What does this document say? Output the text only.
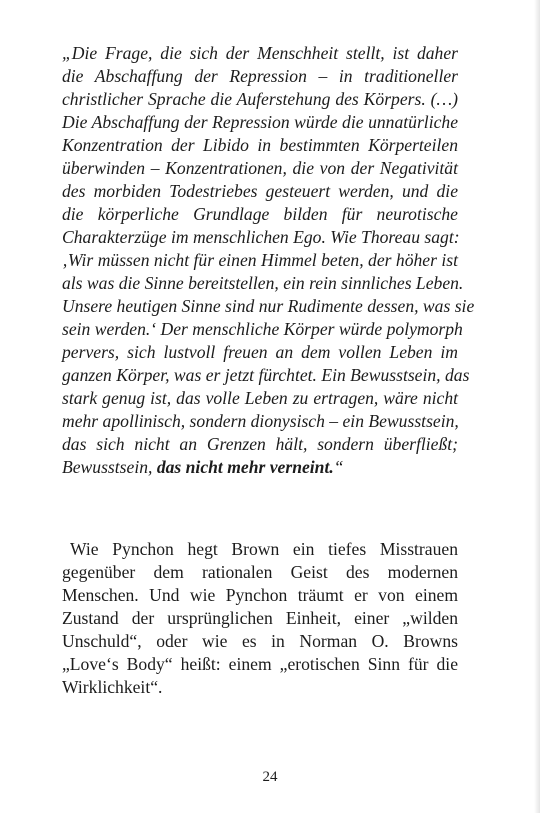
„Die Frage, die sich der Menschheit stellt, ist daher
die Abschaffung der Repression – in traditioneller
christlicher Sprache die Auferstehung des Körpers. (…)
Die Abschaffung der Repression würde die unnatürliche
Konzentration der Libido in bestimmten Körperteilen
überwinden – Konzentrationen, die von der Negativität
des morbiden Todestriebes gesteuert werden, und die
die körperliche Grundlage bilden für neurotische
Charakterzüge im menschlichen Ego. Wie Thoreau sagt:
‚Wir müssen nicht für einen Himmel beten, der höher ist
als was die Sinne bereitstellen, ein rein sinnliches Leben.
Unsere heutigen Sinne sind nur Rudimente dessen, was sie
sein werden.‘ Der menschliche Körper würde polymorph
pervers, sich lustvoll freuen an dem vollen Leben im
ganzen Körper, was er jetzt fürchtet. Ein Bewusstsein, das
stark genug ist, das volle Leben zu ertragen, wäre nicht
mehr apollinisch, sondern dionysisch – ein Bewusstsein,
das sich nicht an Grenzen hält, sondern überfließt;
Bewusstsein, das nicht mehr verneint.“
Wie Pynchon hegt Brown ein tiefes Misstrauen
gegenüber dem rationalen Geist des modernen
Menschen. Und wie Pynchon träumt er von einem
Zustand der ursprünglichen Einheit, einer „wilden
Unschuld“, oder wie es in Norman O. Browns
„Love‘s Body“ heißt: einem „erotischen Sinn für die
Wirklichkeit“.
24
